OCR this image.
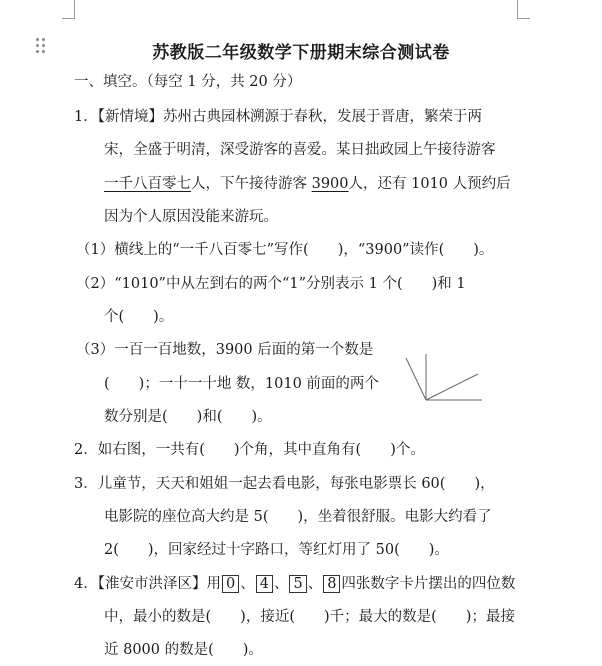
苏教版二年级数学下册期末综合测试卷
一、填空。（每空 1 分，共 20 分）
1．【新情境】苏州古典园林溯源于春秋，发展于晋唐，繁荣于两
宋，全盛于明清，深受游客的喜爱。某日拙政园上午接待游客
一千八百零七人，下午接待游客 3900人，还有 1010 人预约后
因为个人原因没能来游玩。
（1）横线上的“一千八百零七”写作(　　)，“3900”读作(　　)。
（2）“1010”中从左到右的两个“1”分别表示 1 个(　　)和 1
个(　　)。
（3）一百一百地数，3900 后面的第一个数是
(　　)；一十一十地 数，1010 前面的两个
数分别是(　　)和(　　)。
2．如右图，一共有(　　)个角，其中直角有(　　)个。
3．儿童节，天天和姐姐一起去看电影，每张电影票长 60(　　)，
电影院的座位高大约是 5(　　)，坐着很舒服。电影大约看了
2(　　)，回家经过十字路口，等红灯用了 50(　　)。
4．【淮安市洪泽区】用 0 、 4 、 5 、 8 四张数字卡片摆出的四位数
中，最小的数是(　　)，接近(　　)千；最大的数是(　　)；最接
近 8000 的数是(　　)。
